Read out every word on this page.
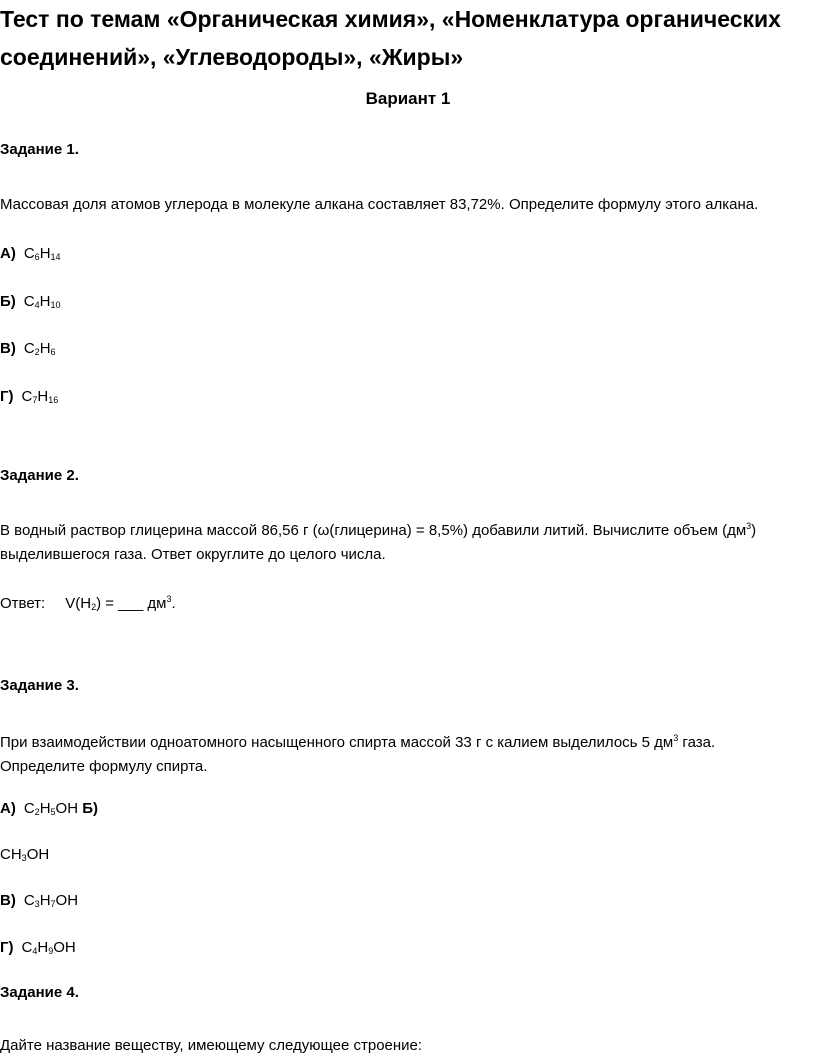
Тест по темам «Органическая химия», «Номенклатура органических соединений», «Углеводороды», «Жиры»
Вариант 1
Задание 1.
Массовая доля атомов углерода в молекуле алкана составляет 83,72%. Определите формулу этого алкана.
А) $C_6H_{14}$
Б) $C_4H_{10}$
В) $C_2H_6$
Г) $C_7H_{16}$
Задание 2.
В водный раствор глицерина массой 86,56 г (ω(глицерина) = 8,5%) добавили литий. Вычислите объем $(дм^3)$
выделившегося газа. Ответ округлите до целого числа.
Ответ: $V(H_2)$ = ___ $дм^3$.
Задание 3.
При взаимодействии одноатомного насыщенного спирта массой 33 г с калием выделилось 5 $дм^3$ газа.
Определите формулу спирта.
А) $C_2H_5OH$ Б)
$CH_3OH$
В) $C_3H_7OH$
Г) $C_4H_9OH$
Задание 4.
Дайте название веществу, имеющему следующее строение:
